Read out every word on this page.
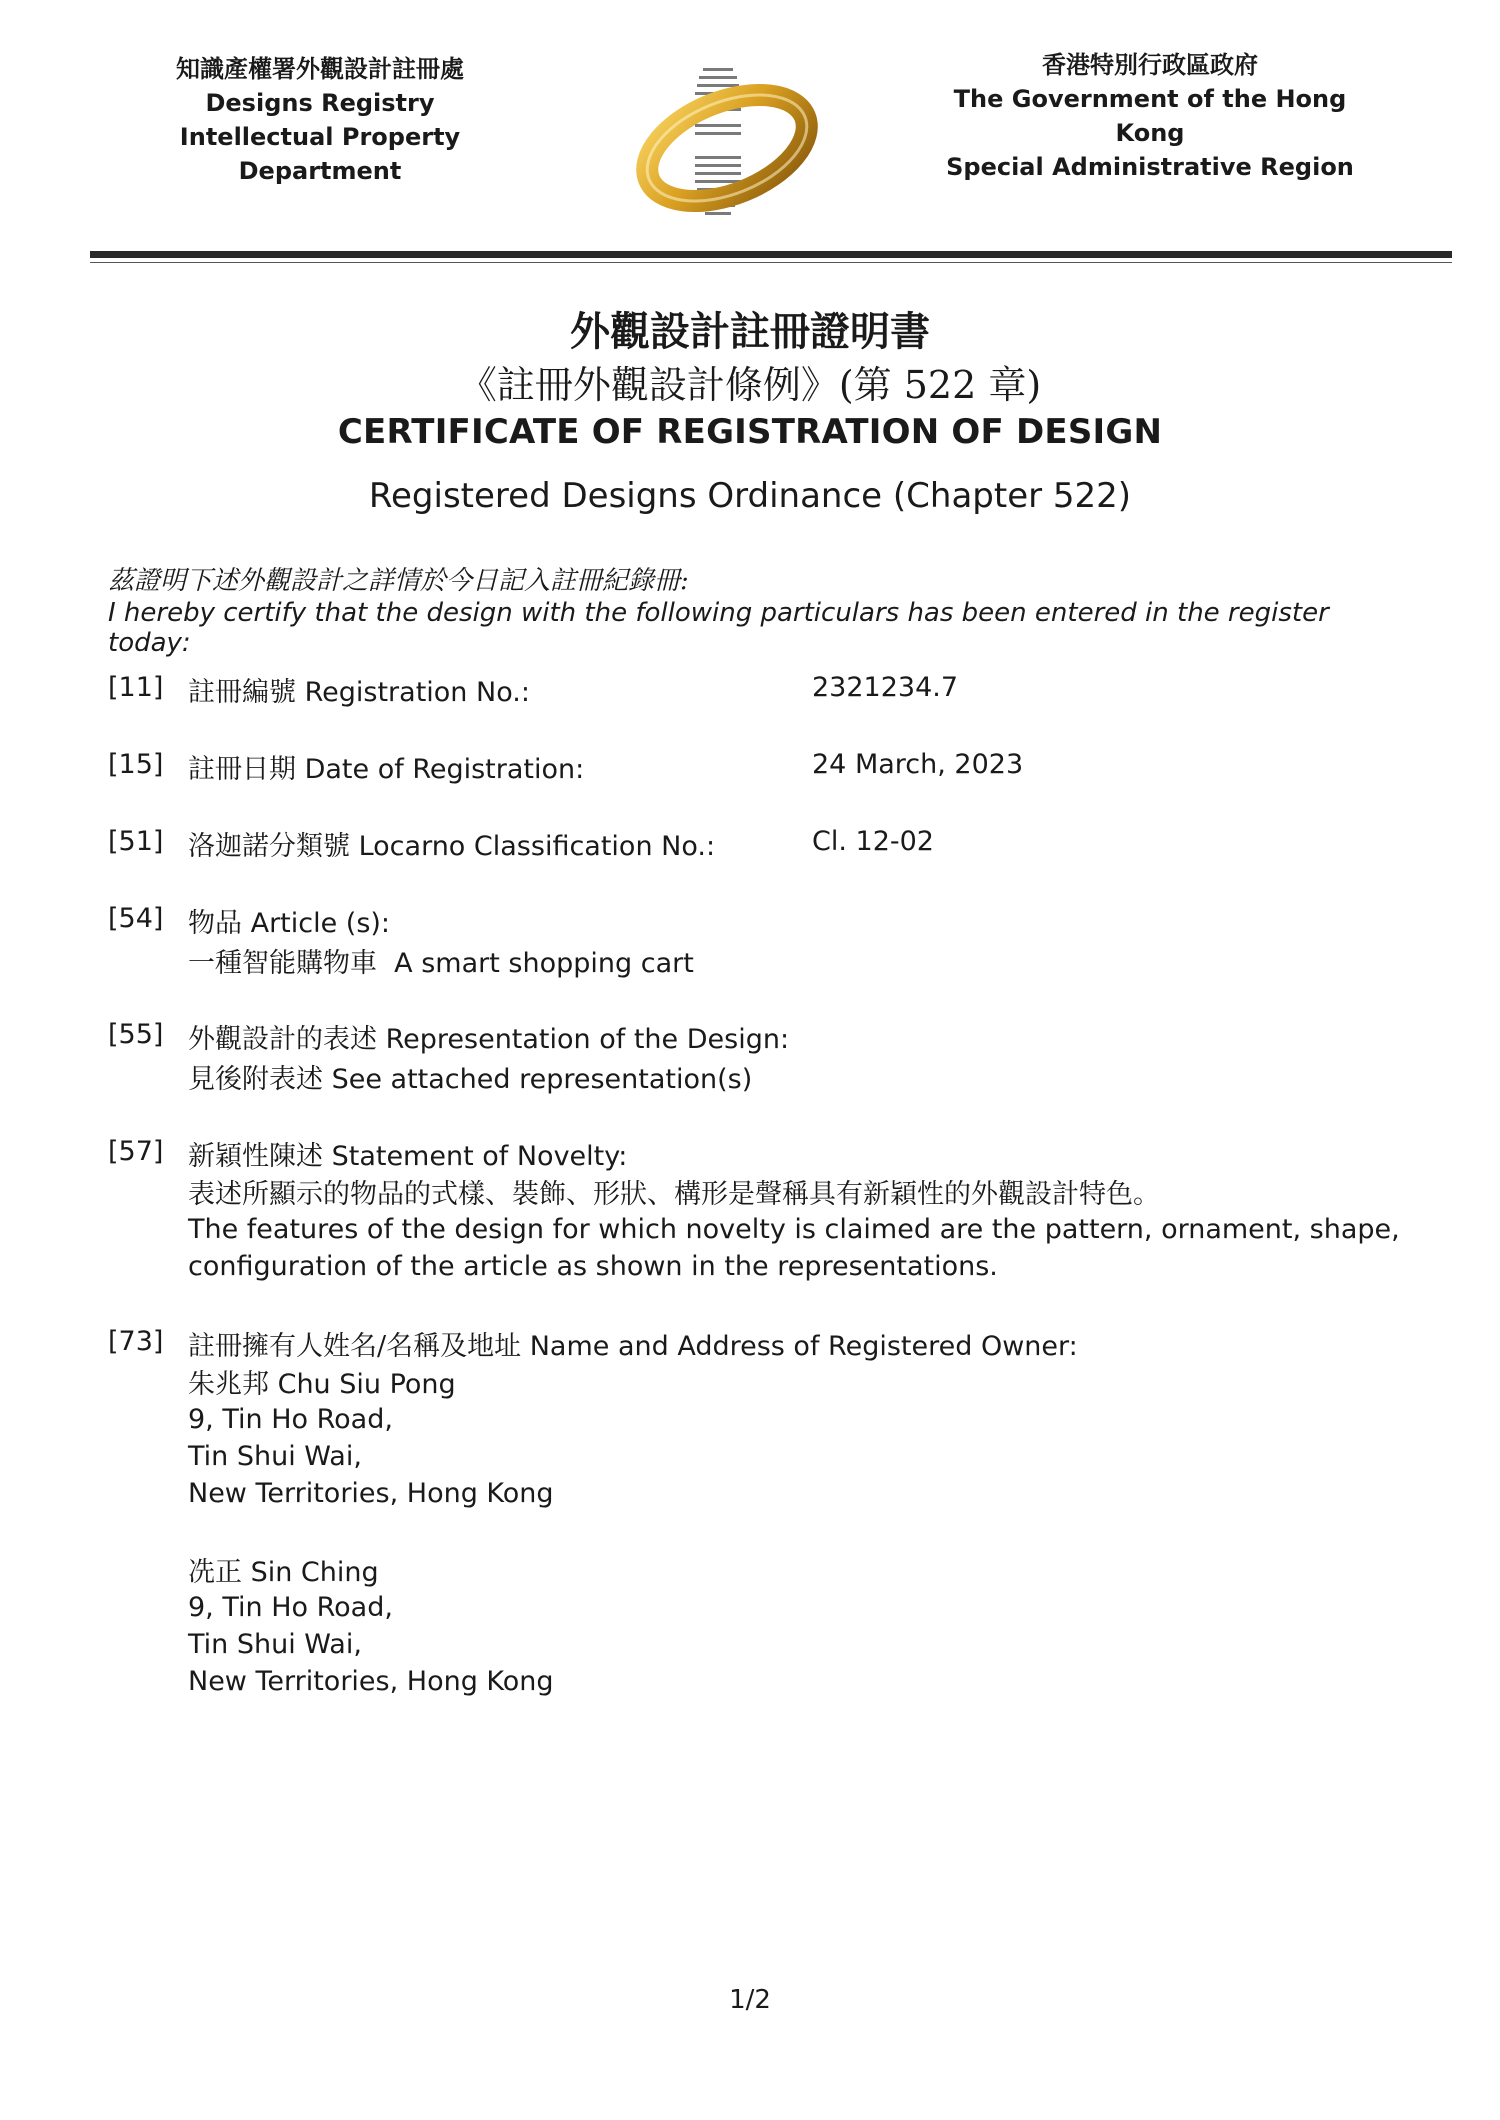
知識產權署外觀設計註冊處
Designs Registry
Intellectual Property Department
香港特別行政區政府
The Government of the Hong Kong
Special Administrative Region
外觀設計註冊證明書
《註冊外觀設計條例》(第 522 章)
CERTIFICATE OF REGISTRATION OF DESIGN
Registered Designs Ordinance (Chapter 522)
茲證明下述外觀設計之詳情於今日記入註冊紀錄冊:
I hereby certify that the design with the following particulars has been entered in the register today:
[11] 註冊編號 Registration No.:	2321234.7
[15] 註冊日期 Date of Registration:	24 March, 2023
[51] 洛迦諾分類號 Locarno Classification No.:	Cl. 12-02
[54] 物品 Article (s):
一種智能購物車 A smart shopping cart
[55] 外觀設計的表述 Representation of the Design:
見後附表述 See attached representation(s)
[57] 新穎性陳述 Statement of Novelty:
表述所顯示的物品的式樣、裝飾、形狀、構形是聲稱具有新穎性的外觀設計特色。
The features of the design for which novelty is claimed are the pattern, ornament, shape,
configuration of the article as shown in the representations.
[73] 註冊擁有人姓名/名稱及地址 Name and Address of Registered Owner:
朱兆邦 Chu Siu Pong
9, Tin Ho Road,
Tin Shui Wai,
New Territories, Hong Kong
冼正 Sin Ching
9, Tin Ho Road,
Tin Shui Wai,
New Territories, Hong Kong
1/2
